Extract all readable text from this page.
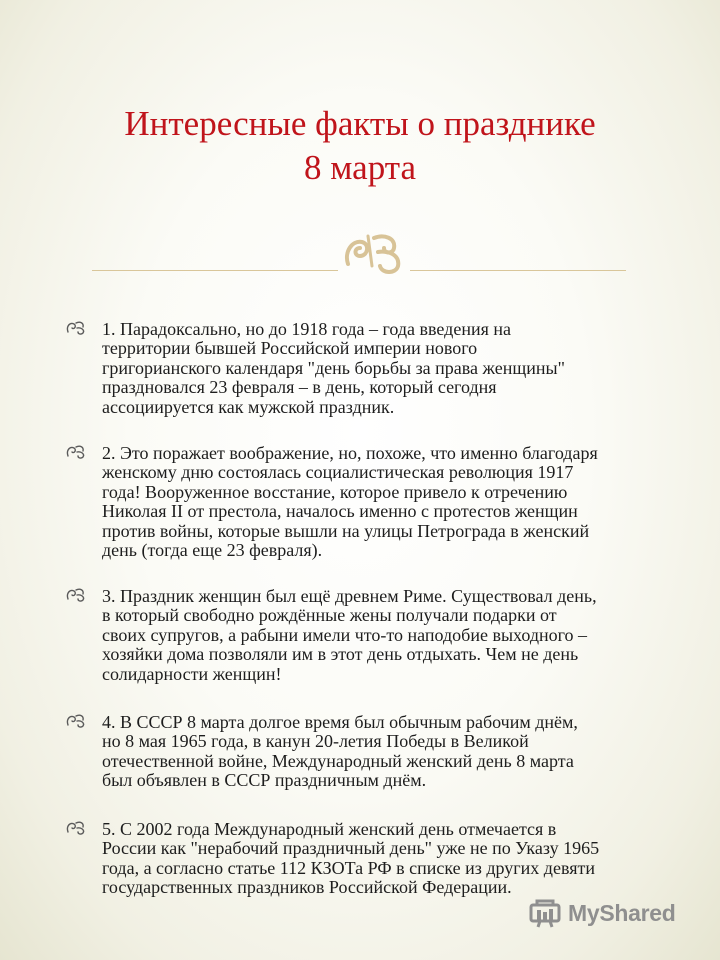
Интересные факты о празднике
8 марта
1. Парадоксально, но до 1918 года – года введения на
территории бывшей Российской империи нового
григорианского календаря "день борьбы за права женщины"
праздновался 23 февраля – в день, который сегодня
ассоциируется как мужской праздник.
2. Это поражает воображение, но, похоже, что именно благодаря
женскому дню состоялась социалистическая революция 1917
года! Вооруженное восстание, которое привело к отречению
Николая II от престола, началось именно с протестов женщин
против войны, которые вышли на улицы Петрограда в женский
день (тогда еще 23 февраля).
3. Праздник женщин был ещё древнем Риме. Существовал день,
в который свободно рождённые жены получали подарки от
своих супругов, а рабыни имели что-то наподобие выходного –
хозяйки дома позволяли им в этот день отдыхать. Чем не день
солидарности женщин!
4. В СССР 8 марта долгое время был обычным рабочим днём,
но 8 мая 1965 года, в канун 20-летия Победы в Великой
отечественной войне, Международный женский день 8 марта
был объявлен в СССР праздничным днём.
5. С 2002 года Международный женский день отмечается в
России как "нерабочий праздничный день" уже не по Указу 1965
года, а согласно статье 112 КЗОТа РФ в списке из других девяти
государственных праздников Российской Федерации.
MyShared
